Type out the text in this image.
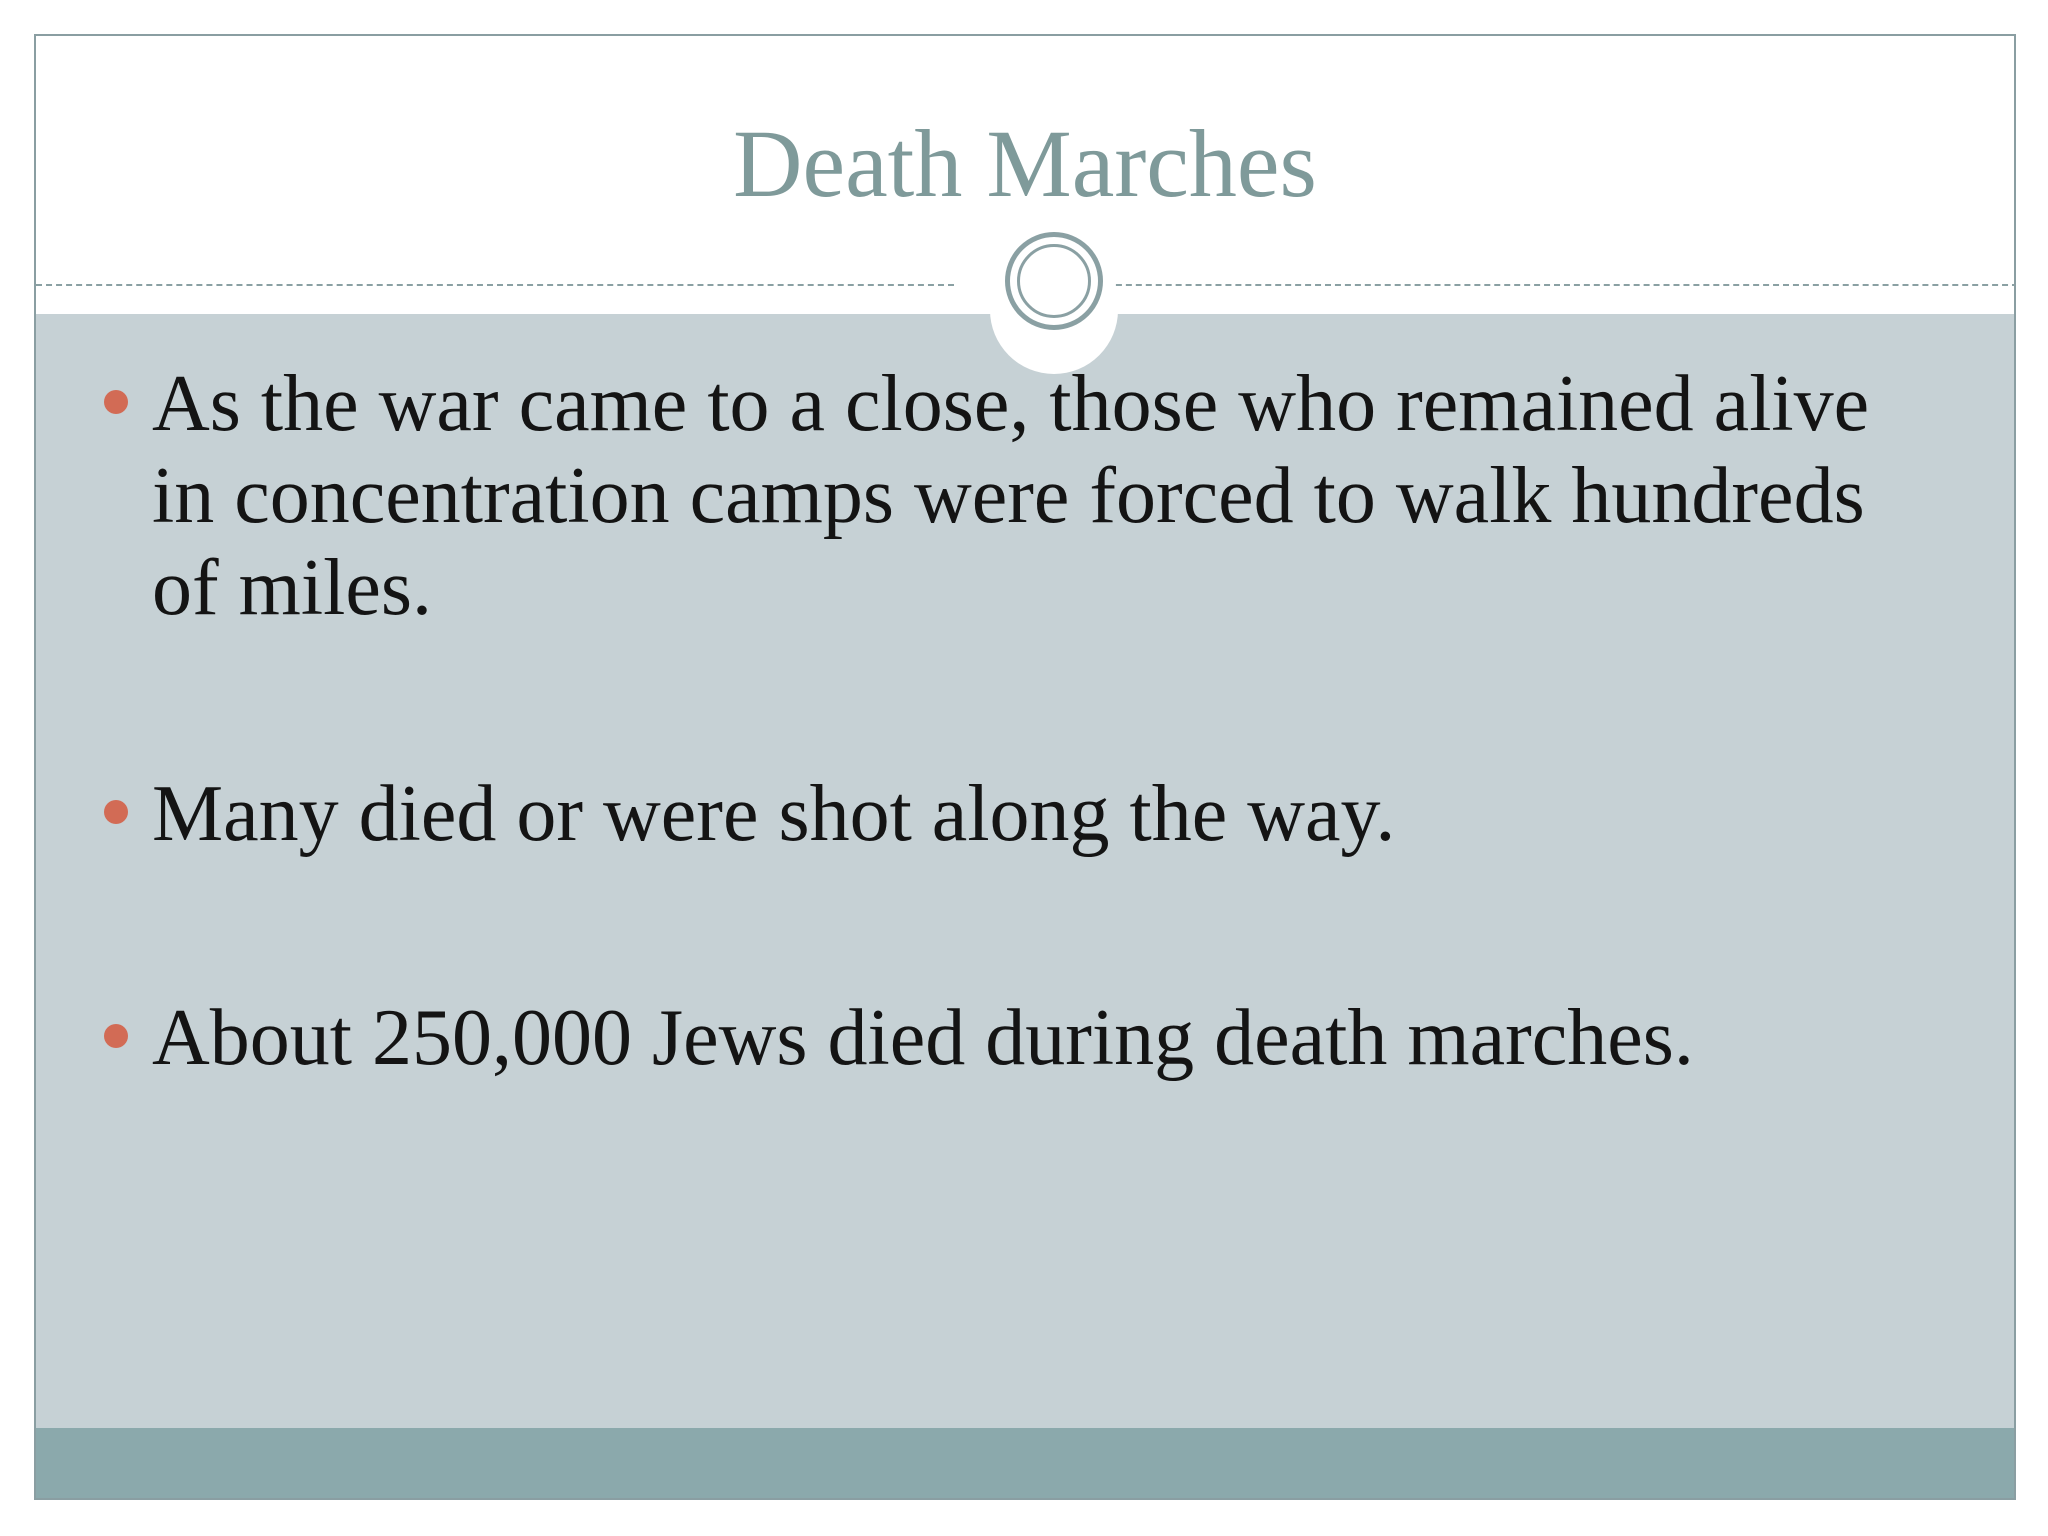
Death Marches
As the war came to a close, those who remained alive in concentration camps were forced to walk hundreds of miles.
Many died or were shot along the way.
About 250,000 Jews died during death marches.
